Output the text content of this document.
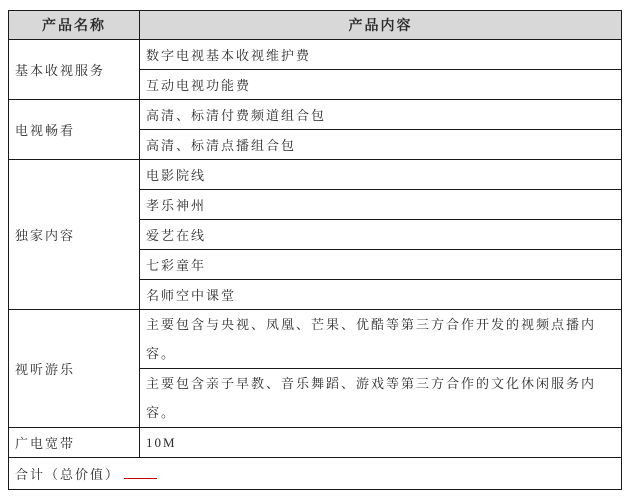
产品名称	产品内容
基本收视服务	数字电视基本收视维护费
	互动电视功能费
电视畅看	高清、标清付费频道组合包
	高清、标清点播组合包
独家内容	电影院线
	孝乐神州
	爱艺在线
	七彩童年
	名师空中课堂
视听游乐	主要包含与央视、凤凰、芒果、优酷等第三方合作开发的视频点播内容。
	主要包含亲子早教、音乐舞蹈、游戏等第三方合作的文化休闲服务内容。
广电宽带	10M
合计（总价值）	
